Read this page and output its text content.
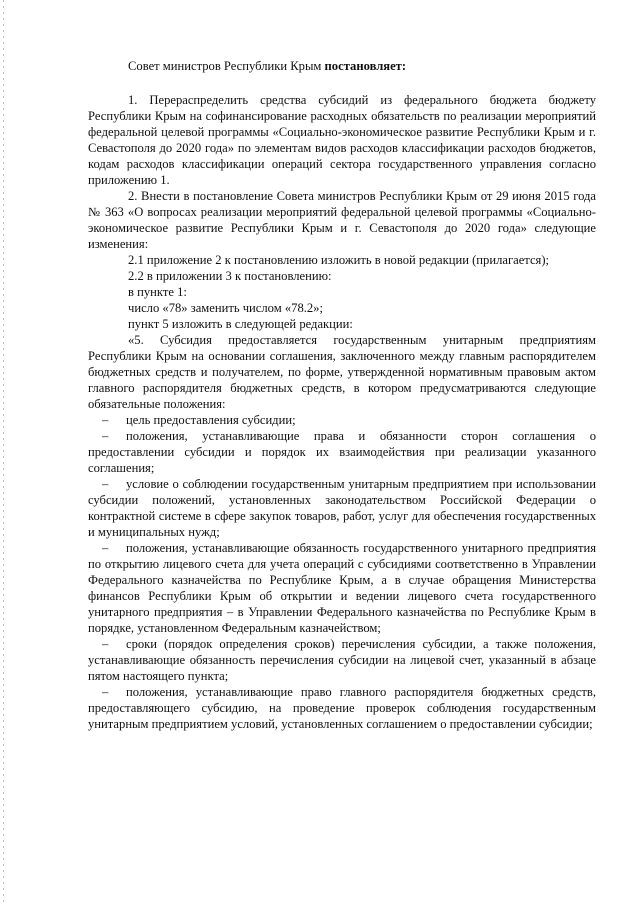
Совет министров Республики Крым постановляет:

1. Перераспределить средства субсидий из федерального бюджета бюджету Республики Крым на софинансирование расходных обязательств по реализации мероприятий федеральной целевой программы «Социально-экономическое развитие Республики Крым и г. Севастополя до 2020 года» по элементам видов расходов классификации расходов бюджетов, кодам расходов классификации операций сектора государственного управления согласно приложению 1.

2. Внести в постановление Совета министров Республики Крым от 29 июня 2015 года № 363 «О вопросах реализации мероприятий федеральной целевой программы «Социально-экономическое развитие Республики Крым и г. Севастополя до 2020 года» следующие изменения:

2.1 приложение 2 к постановлению изложить в новой редакции (прилагается);

2.2 в приложении 3 к постановлению:

в пункте 1:

число «78» заменить числом «78.2»;

пункт 5 изложить в следующей редакции:

«5. Субсидия предоставляется государственным унитарным предприятиям Республики Крым на основании соглашения, заключенного между главным распорядителем бюджетных средств и получателем, по форме, утвержденной нормативным правовым актом главного распорядителя бюджетных средств, в котором предусматриваются следующие обязательные положения:

– цель предоставления субсидии;

– положения, устанавливающие права и обязанности сторон соглашения о предоставлении субсидии и порядок их взаимодействия при реализации указанного соглашения;

– условие о соблюдении государственным унитарным предприятием при использовании субсидии положений, установленных законодательством Российской Федерации о контрактной системе в сфере закупок товаров, работ, услуг для обеспечения государственных и муниципальных нужд;

– положения, устанавливающие обязанность государственного унитарного предприятия по открытию лицевого счета для учета операций с субсидиями соответственно в Управлении Федерального казначейства по Республике Крым, а в случае обращения Министерства финансов Республики Крым об открытии и ведении лицевого счета государственного унитарного предприятия – в Управлении Федерального казначейства по Республике Крым в порядке, установленном Федеральным казначейством;

– сроки (порядок определения сроков) перечисления субсидии, а также положения, устанавливающие обязанность перечисления субсидии на лицевой счет, указанный в абзаце пятом настоящего пункта;

– положения, устанавливающие право главного распорядителя бюджетных средств, предоставляющего субсидию, на проведение проверок соблюдения государственным унитарным предприятием условий, установленных соглашением о предоставлении субсидии;
